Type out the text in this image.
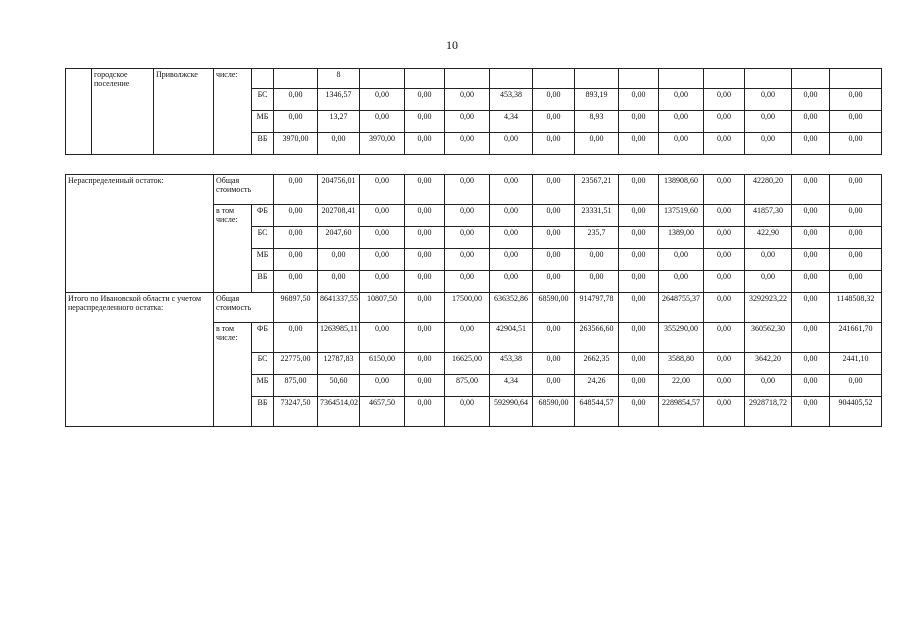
10
	городское поселение	Приволжске	числе:			8												
				БС	0,00	1346,57	0,00	0,00	0,00	453,38	0,00	893,19	0,00	0,00	0,00	0,00	0,00	0,00
				МБ	0,00	13,27	0,00	0,00	0,00	4,34	0,00	8,93	0,00	0,00	0,00	0,00	0,00	0,00
				ВБ	3970,00	0,00	3970,00	0,00	0,00	0,00	0,00	0,00	0,00	0,00	0,00	0,00	0,00	0,00
Нераспределенный остаток:	Общая стоимость		0,00	204756,01	0,00	0,00	0,00	0,00	0,00	23567,21	0,00	138908,60	0,00	42280,20	0,00	0,00
	в том числе:	ФБ	0,00	202708,41	0,00	0,00	0,00	0,00	0,00	23331,51	0,00	137519,60	0,00	41857,30	0,00	0,00
		БС	0,00	2047,60	0,00	0,00	0,00	0,00	0,00	235,7	0,00	1389,00	0,00	422,90	0,00	0,00
		МБ	0,00	0,00	0,00	0,00	0,00	0,00	0,00	0,00	0,00	0,00	0,00	0,00	0,00	0,00
		ВБ	0,00	0,00	0,00	0,00	0,00	0,00	0,00	0,00	0,00	0,00	0,00	0,00	0,00	0,00
Итого по Ивановской области с учетом нераспределенного остатка:	Общая стоимость		96897,50	8641337,55	10807,50	0,00	17500,00	636352,86	68590,00	914797,78	0,00	2648755,37	0,00	3292923,22	0,00	1148508,32
	в том числе:	ФБ	0,00	1263985,11	0,00	0,00	0,00	42904,51	0,00	263566,60	0,00	355290,00	0,00	360562,30	0,00	241661,70
		БС	22775,00	12787,83	6150,00	0,00	16625,00	453,38	0,00	2662,35	0,00	3588,80	0,00	3642,20	0,00	2441,10
		МБ	875,00	50,60	0,00	0,00	875,00	4,34	0,00	24,26	0,00	22,00	0,00	0,00	0,00	0,00
		ВБ	73247,50	7364514,02	4657,50	0,00	0,00	592990,64	68590,00	648544,57	0,00	2289854,57	0,00	2928718,72	0,00	904405,52
